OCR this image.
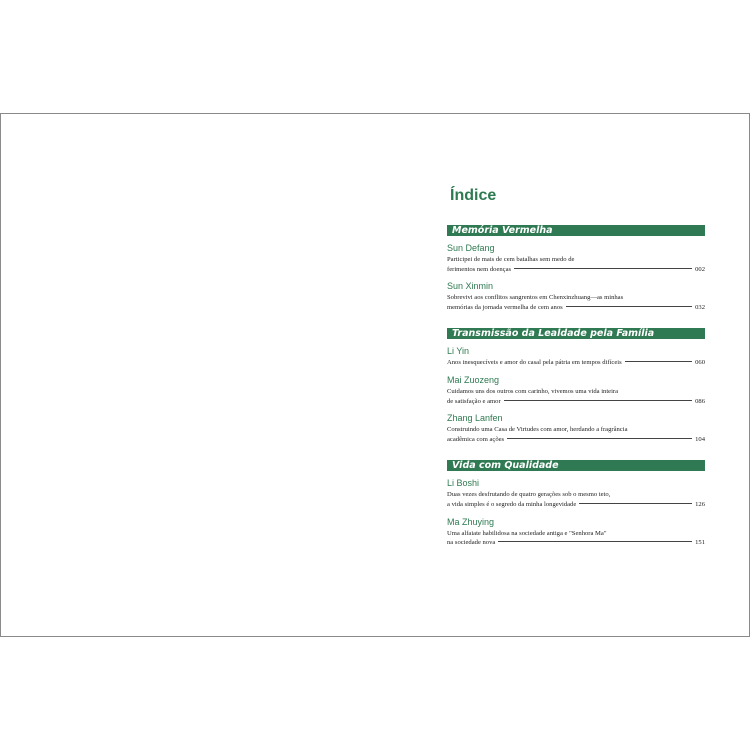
Índice
Memória Vermelha
Sun Defang
Participei de mais de cem batalhas sem medo de
ferimentos nem doenças	002
Sun Xinmin
Sobrevivi aos conflitos sangrentos em Chenxinzhuang—as minhas
memórias da jornada vermelha de cem anos	032
Transmissão da Lealdade pela Família
Li Yin
Anos inesquecíveis e amor do casal pela pátria em tempos difíceis	060
Mai Zuozeng
Cuidamos uns dos outros com carinho, vivemos uma vida inteira
de satisfação e amor	086
Zhang Lanfen
Construindo uma Casa de Virtudes com amor, herdando a fragrância
acadêmica com ações	104
Vida com Qualidade
Li Boshi
Duas vezes desfrutando de quatro gerações sob o mesmo teto,
a vida simples é o segredo da minha longevidade	126
Ma Zhuying
Uma alfaiate habilidosa na sociedade antiga e "Senhora Ma"
na sociedade nova	151
